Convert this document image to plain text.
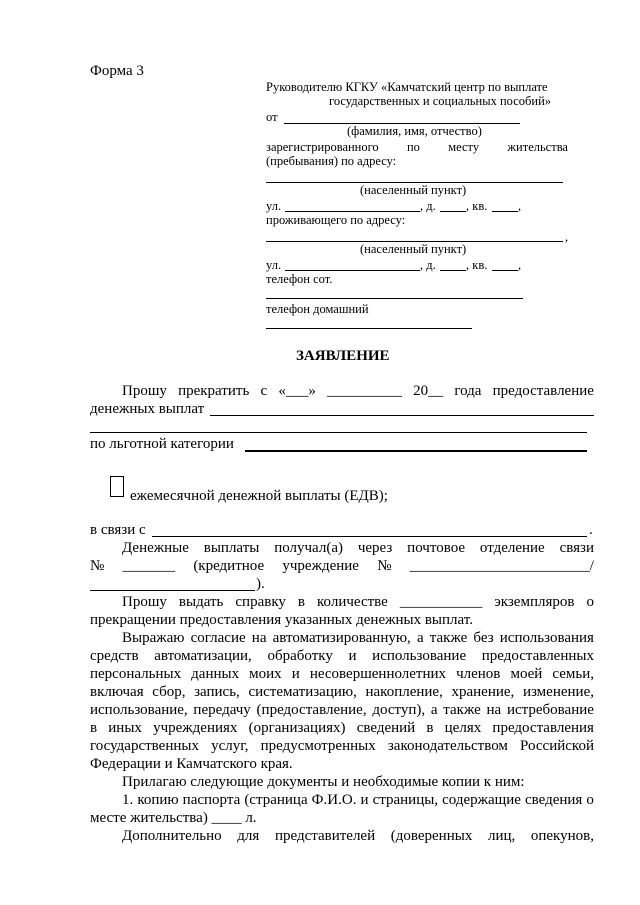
Форма 3
Руководителю КГКУ «Камчатский центр по выплате
государственных и социальных пособий»
от
(фамилия, имя, отчество)
зарегистрированного по месту жительства
(пребывания) по адресу:
(населенный пункт)
ул.	, д. , кв. ,
проживающего по адресу:
,
(населенный пункт)
ул.	, д. , кв. ,
телефон сот.
телефон домашний
ЗАЯВЛЕНИЕ
Прошу прекратить с «___» __________ 20__ года предоставление
денежных выплат
по льготной категории
ежемесячной денежной выплаты (ЕДВ);
в связи с	.
Денежные выплаты получал(а) через почтовое отделение связи
№ _______ (кредитное учреждение № ________________________/
).
Прошу выдать справку в количестве ___________ экземпляров о
прекращении предоставления указанных денежных выплат.
Выражаю согласие на автоматизированную, а также без использования
средств автоматизации, обработку и использование предоставленных
персональных данных моих и несовершеннолетних членов моей семьи,
включая сбор, запись, систематизацию, накопление, хранение, изменение,
использование, передачу (предоставление, доступ), а также на истребование
в иных учреждениях (организациях) сведений в целях предоставления
государственных услуг, предусмотренных законодательством Российской
Федерации и Камчатского края.
Прилагаю следующие документы и необходимые копии к ним:
1. копию паспорта (страница Ф.И.О. и страницы, содержащие сведения о
месте жительства) ____ л.
Дополнительно для представителей (доверенных лиц, опекунов,
